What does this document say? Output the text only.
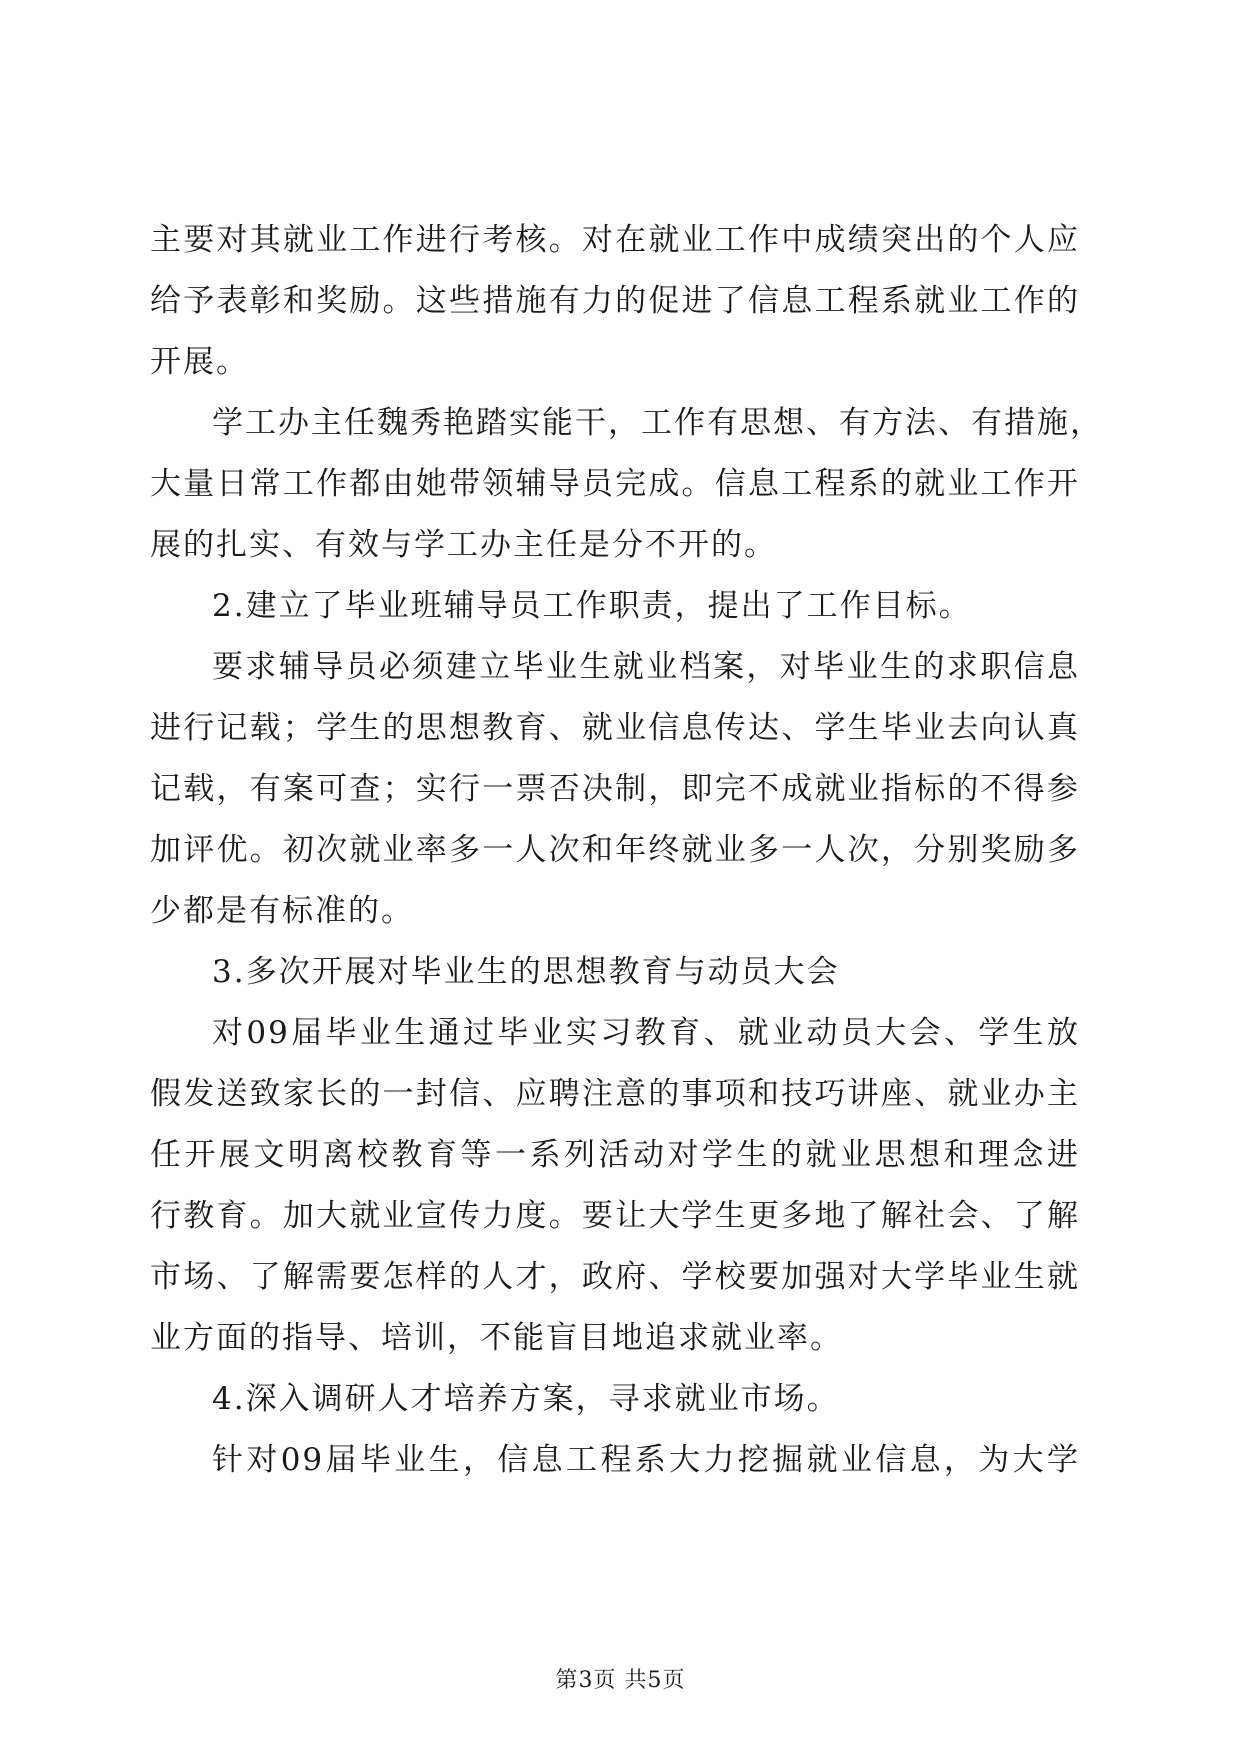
主要对其就业工作进行考核。对在就业工作中成绩突出的个人应
给予表彰和奖励。这些措施有力的促进了信息工程系就业工作的
开展。
学工办主任魏秀艳踏实能干，工作有思想、有方法、有措施，
大量日常工作都由她带领辅导员完成。信息工程系的就业工作开
展的扎实、有效与学工办主任是分不开的。
2.建立了毕业班辅导员工作职责，提出了工作目标。
要求辅导员必须建立毕业生就业档案，对毕业生的求职信息
进行记载；学生的思想教育、就业信息传达、学生毕业去向认真
记载，有案可查；实行一票否决制，即完不成就业指标的不得参
加评优。初次就业率多一人次和年终就业多一人次，分别奖励多
少都是有标准的。
3.多次开展对毕业生的思想教育与动员大会
对09届毕业生通过毕业实习教育、就业动员大会、学生放
假发送致家长的一封信、应聘注意的事项和技巧讲座、就业办主
任开展文明离校教育等一系列活动对学生的就业思想和理念进
行教育。加大就业宣传力度。要让大学生更多地了解社会、了解
市场、了解需要怎样的人才，政府、学校要加强对大学毕业生就
业方面的指导、培训，不能盲目地追求就业率。
4.深入调研人才培养方案，寻求就业市场。
针对09届毕业生，信息工程系大力挖掘就业信息，为大学
第3页 共5页
